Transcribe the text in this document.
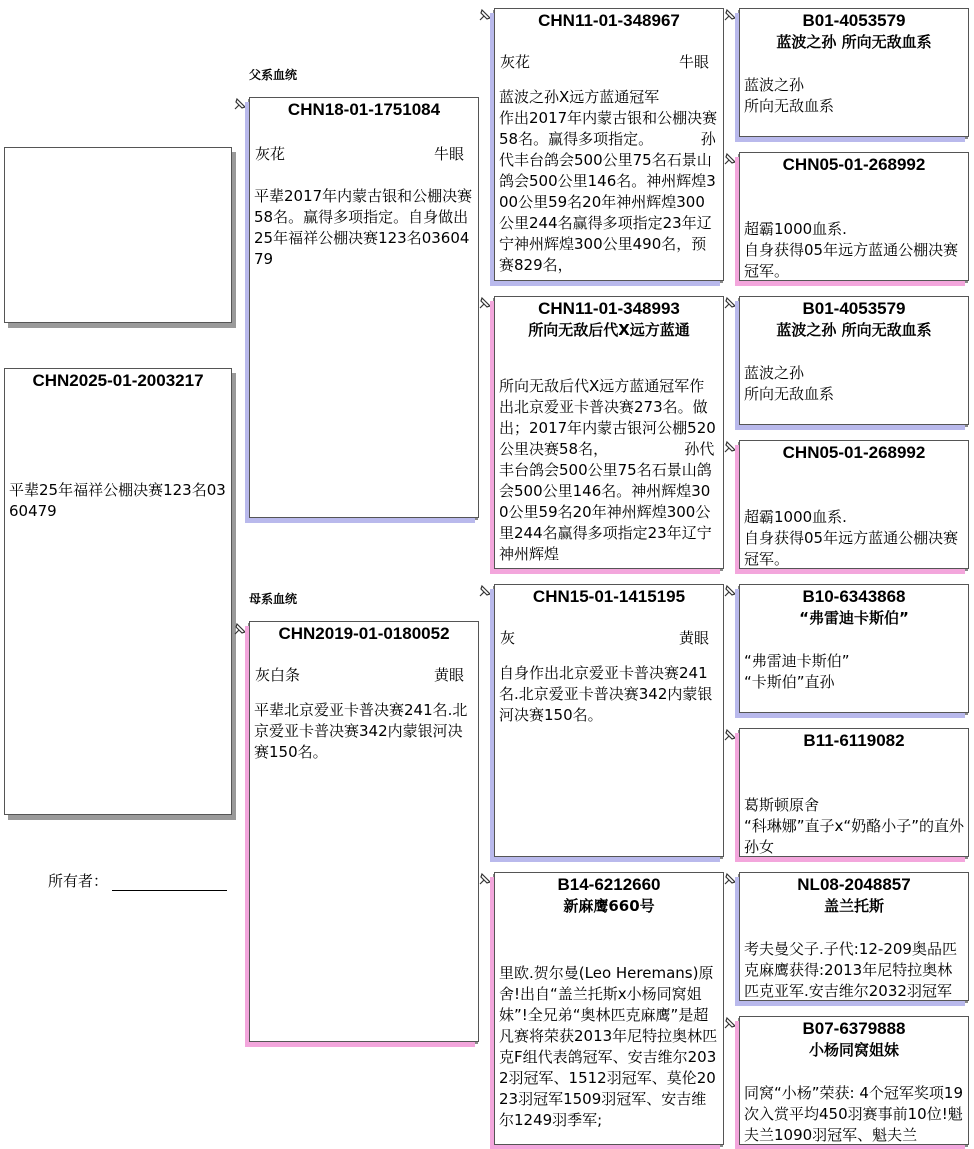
父系血统
母系血统
CHN2025-01-2003217
平辈25年福祥公棚决赛123名0360479
所有者：
CHN18-01-1751084
灰花	牛眼
平辈2017年内蒙古银和公棚决赛58名。赢得多项指定。自身做出25年福祥公棚决赛123名0360479
CHN2019-01-0180052
灰白条	黄眼
平辈北京爱亚卡普决赛241名.北京爱亚卡普决赛342内蒙银河决赛150名。
CHN11-01-348967
灰花	牛眼
蓝波之孙X远方蓝通冠军
作出2017年内蒙古银和公棚决赛58名。赢得多项指定。          孙代丰台鸽会500公里75名石景山鸽会500公里146名。神州辉煌300公里59名20年神州辉煌300公里244名赢得多项指定23年辽宁神州辉煌300公里490名，预赛829名，
CHN11-01-348993
所向无敌后代X远方蓝通
所向无敌后代X远方蓝通冠军作出北京爱亚卡普决赛273名。做出；2017年内蒙古银河公棚520公里决赛58名，                孙代丰台鸽会500公里75名石景山鸽会500公里146名。神州辉煌300公里59名20年神州辉煌300公里244名赢得多项指定23年辽宁神州辉煌
CHN15-01-1415195
灰	黄眼
自身作出北京爱亚卡普决赛241名.北京爱亚卡普决赛342内蒙银河决赛150名。
B14-6212660
新麻鹰660号
里欧.贺尔曼(Leo Heremans)原舍!出自“盖兰托斯x小杨同窝姐妹”!全兄弟“奥林匹克麻鹰”是超凡赛将荣获2013年尼特拉奥林匹克F组代表鸽冠军、安吉维尔2032羽冠军、1512羽冠军、莫伦2023羽冠军1509羽冠军、安吉维尔1249羽季军;
B01-4053579
蓝波之孙 所向无敌血系
蓝波之孙
所向无敌血系
CHN05-01-268992
超霸1000血系.
自身获得05年远方蓝通公棚决赛冠军。
B01-4053579
蓝波之孙 所向无敌血系
蓝波之孙
所向无敌血系
CHN05-01-268992
超霸1000血系.
自身获得05年远方蓝通公棚决赛冠军。
B10-6343868
“弗雷迪卡斯伯”
“弗雷迪卡斯伯”
“卡斯伯”直孙
B11-6119082
葛斯顿原舍
“科琳娜”直子x“奶酪小子”的直外孙女
NL08-2048857
盖兰托斯
考夫曼父子.子代:12-209奥品匹克麻鹰获得:2013年尼特拉奥林匹克亚军.安吉维尔2032羽冠军
B07-6379888
小杨同窝姐妹
同窝“小杨”荣获: 4个冠军奖项19次入赏平均450羽赛事前10位!魁夫兰1090羽冠军、魁夫兰
